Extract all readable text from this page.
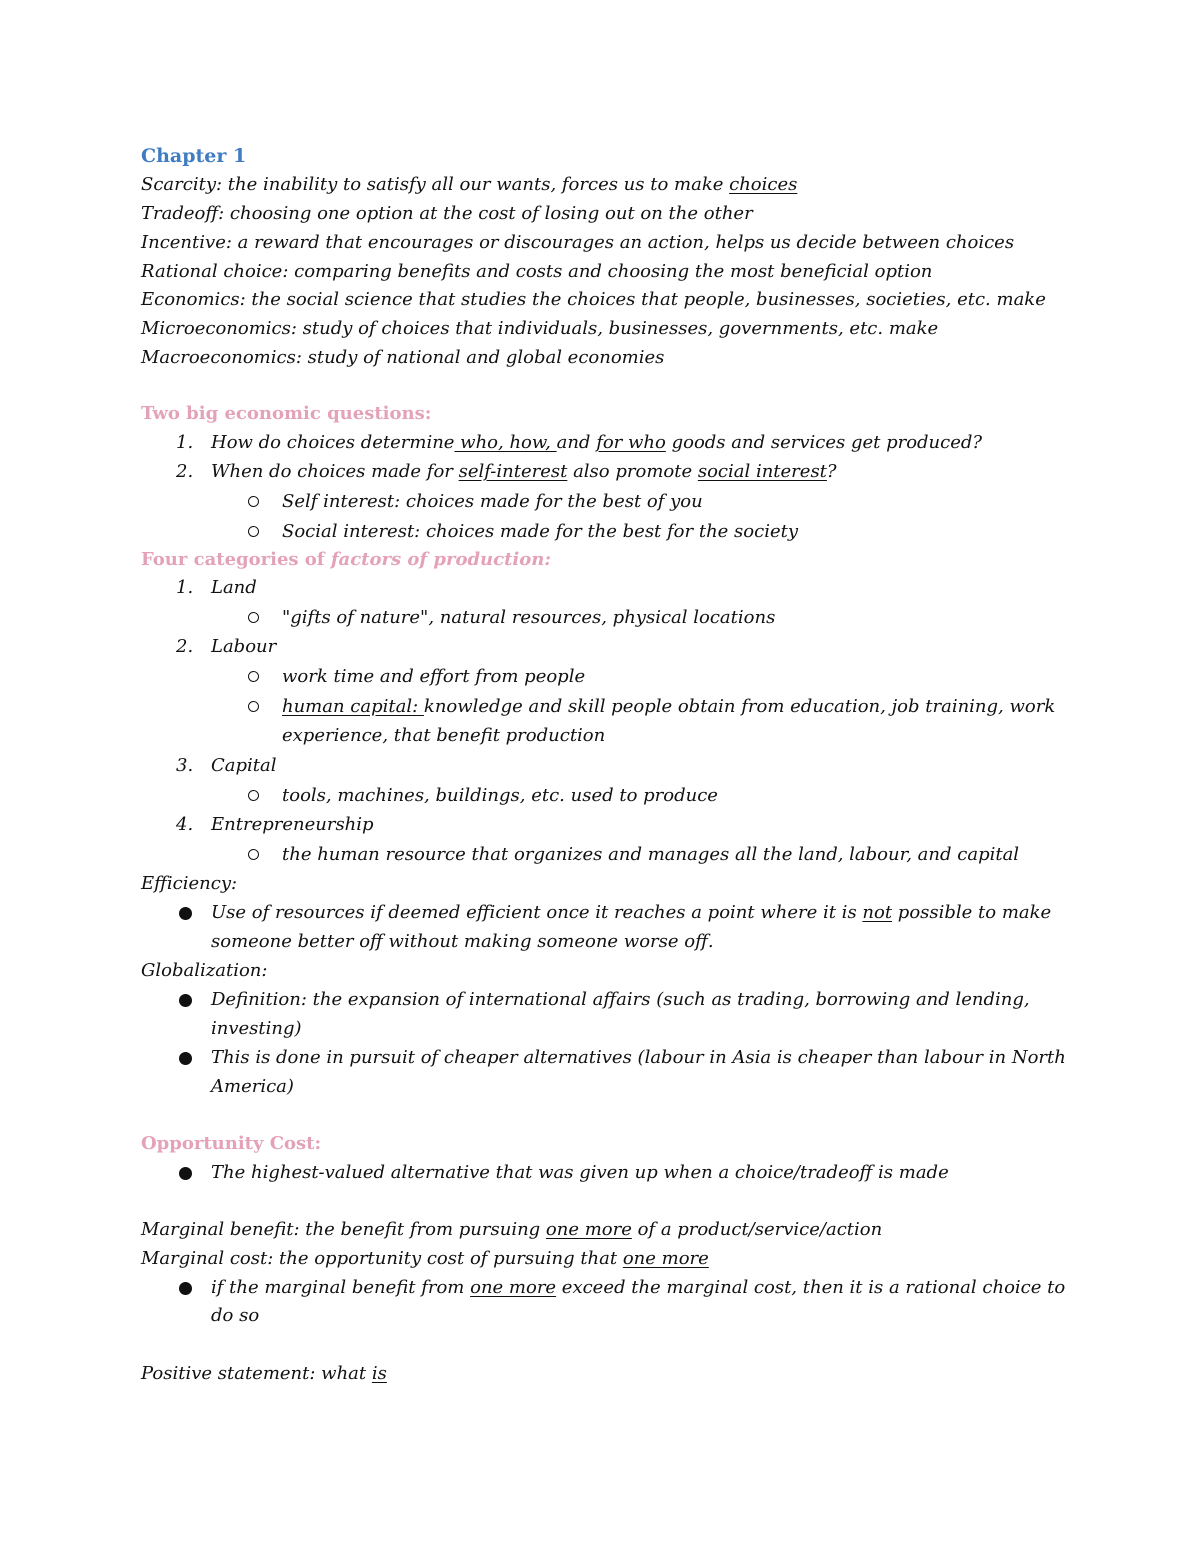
Chapter 1
Scarcity: the inability to satisfy all our wants, forces us to make choices
Tradeoff: choosing one option at the cost of losing out on the other
Incentive: a reward that encourages or discourages an action, helps us decide between choices
Rational choice: comparing benefits and costs and choosing the most beneficial option
Economics: the social science that studies the choices that people, businesses, societies, etc. make
Microeconomics: study of choices that individuals, businesses, governments, etc. make
Macroeconomics: study of national and global economies
Two big economic questions:
1. How do choices determine who, how, and for who goods and services get produced?
2. When do choices made for self-interest also promote social interest?
Self interest: choices made for the best of you
Social interest: choices made for the best for the society
Four categories of factors of production:
1. Land
"gifts of nature", natural resources, physical locations
2. Labour
work time and effort from people
human capital: knowledge and skill people obtain from education, job training, work
experience, that benefit production
3. Capital
tools, machines, buildings, etc. used to produce
4. Entrepreneurship
the human resource that organizes and manages all the land, labour, and capital
Efficiency:
Use of resources if deemed efficient once it reaches a point where it is not possible to make
someone better off without making someone worse off.
Globalization:
Definition: the expansion of international affairs (such as trading, borrowing and lending,
investing)
This is done in pursuit of cheaper alternatives (labour in Asia is cheaper than labour in North
America)
Opportunity Cost:
The highest-valued alternative that was given up when a choice/tradeoff is made
Marginal benefit: the benefit from pursuing one more of a product/service/action
Marginal cost: the opportunity cost of pursuing that one more
if the marginal benefit from one more exceed the marginal cost, then it is a rational choice to
do so
Positive statement: what is
